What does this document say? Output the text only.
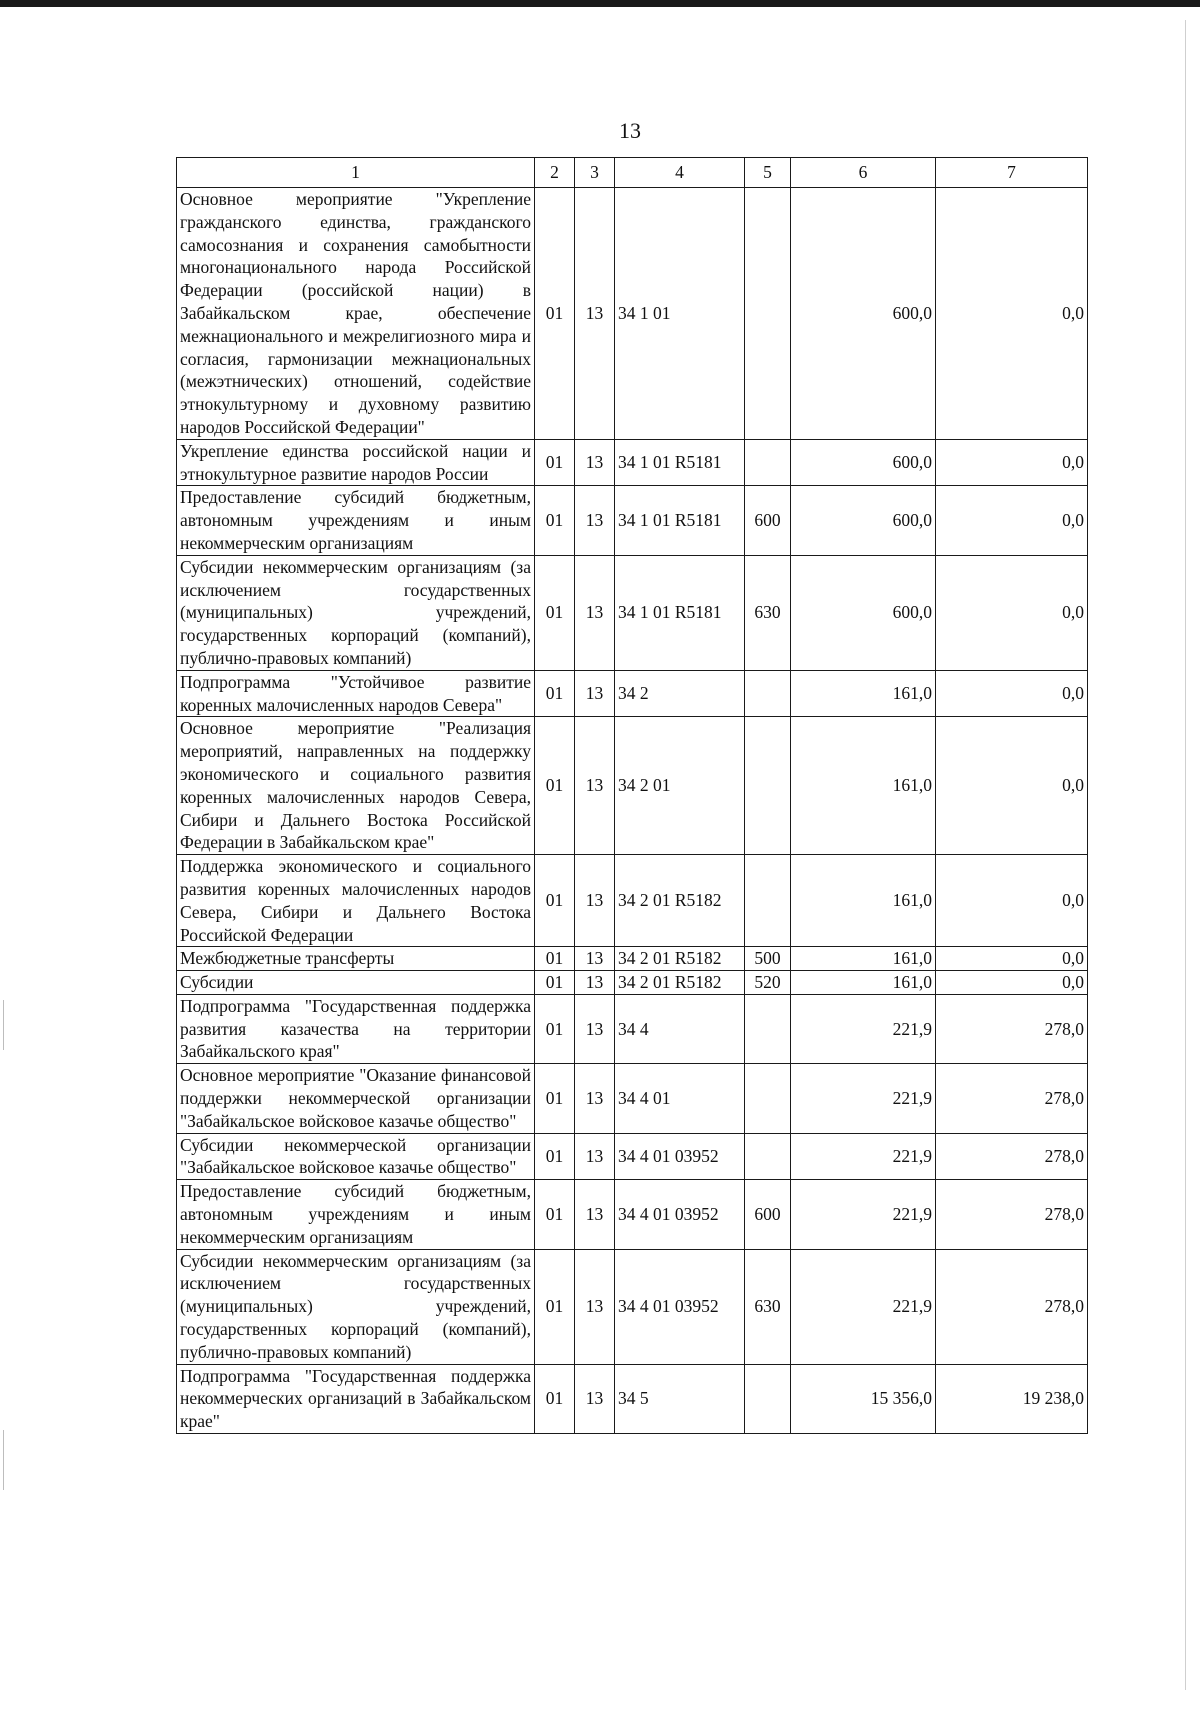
13
1	2	3	4	5	6	7
Основное мероприятие "Укрепление гражданского единства, гражданского самосознания и сохранения самобытности многонационального народа Российской Федерации (российской нации) в Забайкальском крае, обеспечение межнационального и межрелигиозного мира и согласия, гармонизации межнациональных (межэтнических) отношений, содействие этнокультурному и духовному развитию народов Российской Федерации"	01	13	34 1 01		600,0	0,0
Укрепление единства российской нации и этнокультурное развитие народов России	01	13	34 1 01 R5181		600,0	0,0
Предоставление субсидий бюджетным, автономным учреждениям и иным некоммерческим организациям	01	13	34 1 01 R5181	600	600,0	0,0
Субсидии некоммерческим организациям (за исключением государственных (муниципальных) учреждений, государственных корпораций (компаний), публично-правовых компаний)	01	13	34 1 01 R5181	630	600,0	0,0
Подпрограмма "Устойчивое развитие коренных малочисленных народов Севера"	01	13	34 2		161,0	0,0
Основное мероприятие "Реализация мероприятий, направленных на поддержку экономического и социального развития коренных малочисленных народов Севера, Сибири и Дальнего Востока Российской Федерации в Забайкальском крае"	01	13	34 2 01		161,0	0,0
Поддержка экономического и социального развития коренных малочисленных народов Севера, Сибири и Дальнего Востока Российской Федерации	01	13	34 2 01 R5182		161,0	0,0
Межбюджетные трансферты	01	13	34 2 01 R5182	500	161,0	0,0
Субсидии	01	13	34 2 01 R5182	520	161,0	0,0
Подпрограмма "Государственная поддержка развития казачества на территории Забайкальского края"	01	13	34 4		221,9	278,0
Основное мероприятие "Оказание финансовой поддержки некоммерческой организации "Забайкальское войсковое казачье общество"	01	13	34 4 01		221,9	278,0
Субсидии некоммерческой организации "Забайкальское войсковое казачье общество"	01	13	34 4 01 03952		221,9	278,0
Предоставление субсидий бюджетным, автономным учреждениям и иным некоммерческим организациям	01	13	34 4 01 03952	600	221,9	278,0
Субсидии некоммерческим организациям (за исключением государственных (муниципальных) учреждений, государственных корпораций (компаний), публично-правовых компаний)	01	13	34 4 01 03952	630	221,9	278,0
Подпрограмма "Государственная поддержка некоммерческих организаций в Забайкальском крае"	01	13	34 5		15 356,0	19 238,0
